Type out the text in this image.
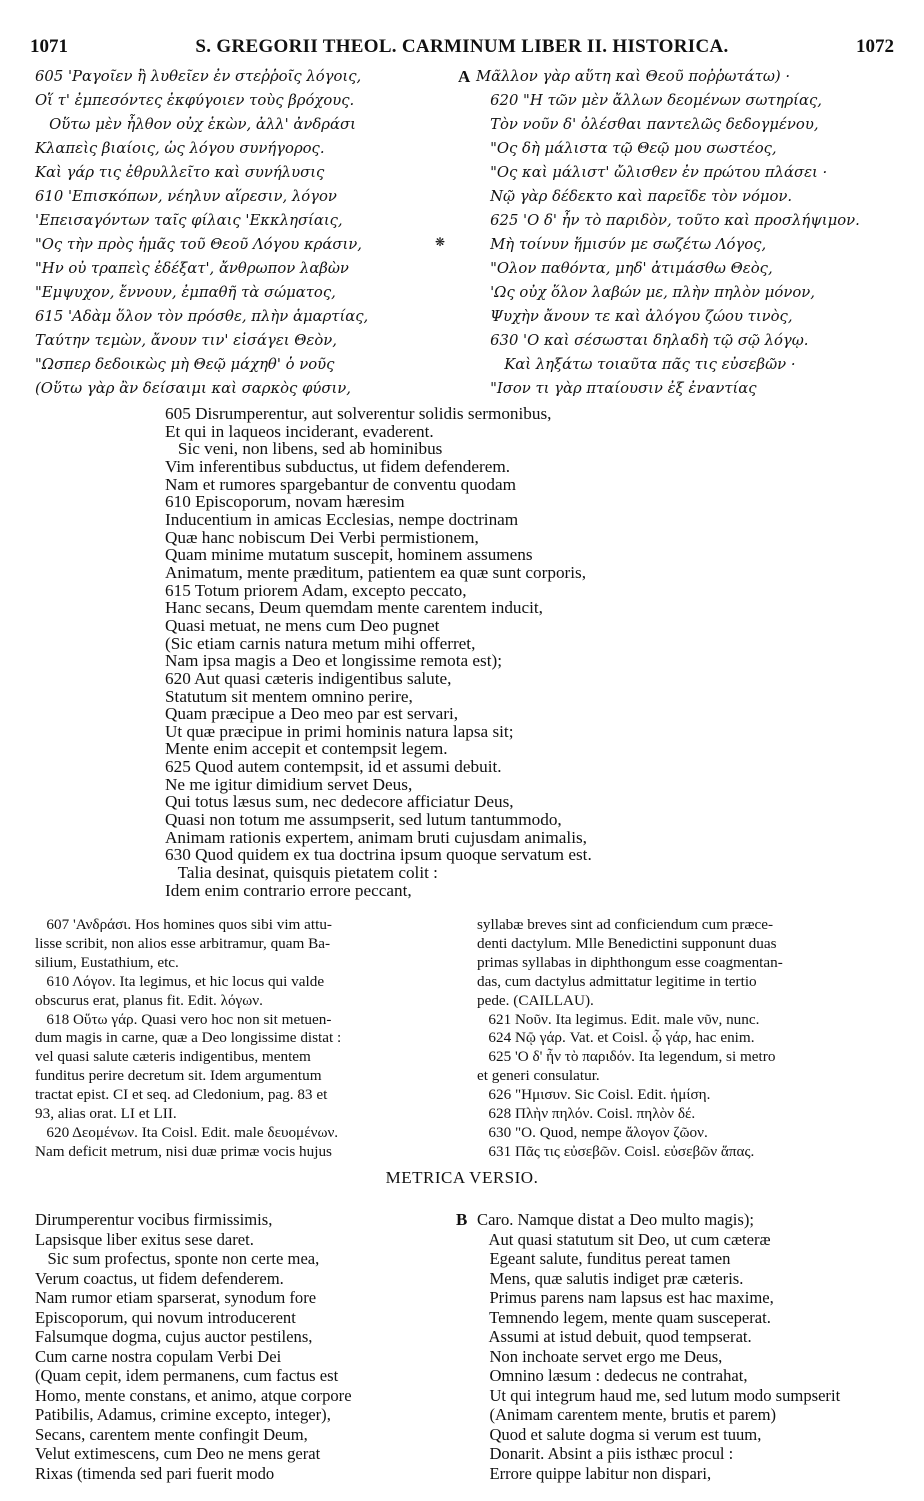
1071	S. GREGORII THEOL. CARMINUM LIBER II. HISTORICA.	1072
605 'Ραγοῖεν ἢ λυθεῖεν ἐν στεῤῥοῖς λόγοις,
Οἵ τ' ἐμπεσόντες ἐκφύγοιεν τοὺς βρόχους.
Οὕτω μὲν ἦλθον οὐχ ἑκὼν, ἀλλ' ἀνδράσι
Κλαπεὶς βιαίοις, ὡς λόγου συνήγορος.
Καὶ γάρ τις ἐθρυλλεῖτο καὶ συνήλυσις
610 'Επισκόπων, νέηλυν αἵρεσιν, λόγον
'Επεισαγόντων ταῖς φίλαις 'Εκκλησίαις,
"Ος τὴν πρὸς ἡμᾶς τοῦ Θεοῦ Λόγου κράσιν,
"Ην οὐ τραπεὶς ἐδέξατ', ἄνθρωπον λαβὼν
"Εμψυχον, ἔννουν, ἐμπαθῆ τὰ σώματος,
615 'Αδὰμ ὅλον τὸν πρόσθε, πλὴν ἁμαρτίας,
Ταύτην τεμὼν, ἄνουν τιν' εἰσάγει Θεὸν,
"Ωσπερ δεδοικὼς μὴ Θεῷ μάχηθ' ὁ νοῦς
(Οὕτω γὰρ ἂν δείσαιμι καὶ σαρκὸς φύσιν,
A
❋
Μᾶλλον γὰρ αὕτη καὶ Θεοῦ ποῤῥωτάτω) ·
620 "Η τῶν μὲν ἄλλων δεομένων σωτηρίας,
Τὸν νοῦν δ' ὀλέσθαι παντελῶς δεδογμένου,
"Ος δὴ μάλιστα τῷ Θεῷ μου σωστέος,
"Ος καὶ μάλιστ' ὤλισθεν ἐν πρώτου πλάσει ·
Νῷ γὰρ δέδεκτο καὶ παρεῖδε τὸν νόμον.
625 'Ο δ' ἦν τὸ παριδὸν, τοῦτο καὶ προσλήψιμον.
Μὴ τοίνυν ἥμισύν με σωζέτω Λόγος,
"Ολον παθόντα, μηδ' ἀτιμάσθω Θεὸς,
'Ως οὐχ ὅλον λαβών με, πλὴν πηλὸν μόνον,
Ψυχὴν ἄνουν τε καὶ ἀλόγου ζώου τινὸς,
630 'Ο καὶ σέσωσται δηλαδὴ τῷ σῷ λόγῳ.
Καὶ ληξάτω τοιαῦτα πᾶς τις εὐσεβῶν ·
"Ισον τι γὰρ πταίουσιν ἐξ ἐναντίας
605 Disrumperentur, aut solverentur solidis sermonibus,
Et qui in laqueos inciderant, evaderent.
Sic veni, non libens, sed ab hominibus
Vim inferentibus subductus, ut fidem defenderem.
Nam et rumores spargebantur de conventu quodam
610 Episcoporum, novam hæresim
Inducentium in amicas Ecclesias, nempe doctrinam
Quæ hanc nobiscum Dei Verbi permistionem,
Quam minime mutatum suscepit, hominem assumens
Animatum, mente præditum, patientem ea quæ sunt corporis,
615 Totum priorem Adam, excepto peccato,
Hanc secans, Deum quemdam mente carentem inducit,
Quasi metuat, ne mens cum Deo pugnet
(Sic etiam carnis natura metum mihi offerret,
Nam ipsa magis a Deo et longissime remota est);
620 Aut quasi cæteris indigentibus salute,
Statutum sit mentem omnino perire,
Quam præcipue a Deo meo par est servari,
Ut quæ præcipue in primi hominis natura lapsa sit;
Mente enim accepit et contempsit legem.
625 Quod autem contempsit, id et assumi debuit.
Ne me igitur dimidium servet Deus,
Qui totus læsus sum, nec dedecore afficiatur Deus,
Quasi non totum me assumpserit, sed lutum tantummodo,
Animam rationis expertem, animam bruti cujusdam animalis,
630 Quod quidem ex tua doctrina ipsum quoque servatum est.
Talia desinat, quisquis pietatem colit :
Idem enim contrario errore peccant,
607 'Ανδράσι. Hos homines quos sibi vim attu-
lisse scribit, non alios esse arbitramur, quam Ba-
silium, Eustathium, etc.
610 Λόγον. Ita legimus, et hic locus qui valde
obscurus erat, planus fit. Edit. λόγων.
618 Οὕτω γάρ. Quasi vero hoc non sit metuen-
dum magis in carne, quæ a Deo longissime distat :
vel quasi salute cæteris indigentibus, mentem
funditus perire decretum sit. Idem argumentum
tractat epist. CI et seq. ad Cledonium, pag. 83 et
93, alias orat. LI et LII.
620 Δεομένων. Ita Coisl. Edit. male δευομένων.
Nam deficit metrum, nisi duæ primæ vocis hujus
syllabæ breves sint ad conficiendum cum præce-
denti dactylum. Mlle Benedictini supponunt duas
primas syllabas in diphthongum esse coagmentan-
das, cum dactylus admittatur legitime in tertio
pede. (CAILLAU).
621 Νοῦν. Ita legimus. Edit. male νῦν, nunc.
624 Νῷ γάρ. Vat. et Coisl. ᾧ γάρ, hac enim.
625 'Ο δ' ἦν τὸ παριδόν. Ita legendum, si metro
et generi consulatur.
626 "Ημισυν. Sic Coisl. Edit. ἡμίση.
628 Πλὴν πηλόν. Coisl. πηλὸν δέ.
630 "Ο. Quod, nempe ἄλογον ζῶον.
631 Πᾶς τις εὐσεβῶν. Coisl. εὐσεβῶν ἅπας.
METRICA VERSIO.
Dirumperentur vocibus firmissimis,
Lapsisque liber exitus sese daret.
Sic sum profectus, sponte non certe mea,
Verum coactus, ut fidem defenderem.
Nam rumor etiam sparserat, synodum fore
Episcoporum, qui novum introducerent
Falsumque dogma, cujus auctor pestilens,
Cum carne nostra copulam Verbi Dei
(Quam cepit, idem permanens, cum factus est
Homo, mente constans, et animo, atque corpore
Patibilis, Adamus, crimine excepto, integer),
Secans, carentem mente confingit Deum,
Velut extimescens, cum Deo ne mens gerat
Rixas (timenda sed pari fuerit modo
B Caro. Namque distat a Deo multo magis);
Aut quasi statutum sit Deo, ut cum cæteræ
Egeant salute, funditus pereat tamen
Mens, quæ salutis indiget præ cæteris.
Primus parens nam lapsus est hac maxime,
Temnendo legem, mente quam susceperat.
Assumi at istud debuit, quod tempserat.
Non inchoate servet ergo me Deus,
Omnino læsum : dedecus ne contrahat,
Ut qui integrum haud me, sed lutum modo sumpserit
(Animam carentem mente, brutis et parem)
Quod et salute dogma si verum est tuum,
Donarit. Absint a piis isthæc procul :
Errore quippe labitur non dispari,
